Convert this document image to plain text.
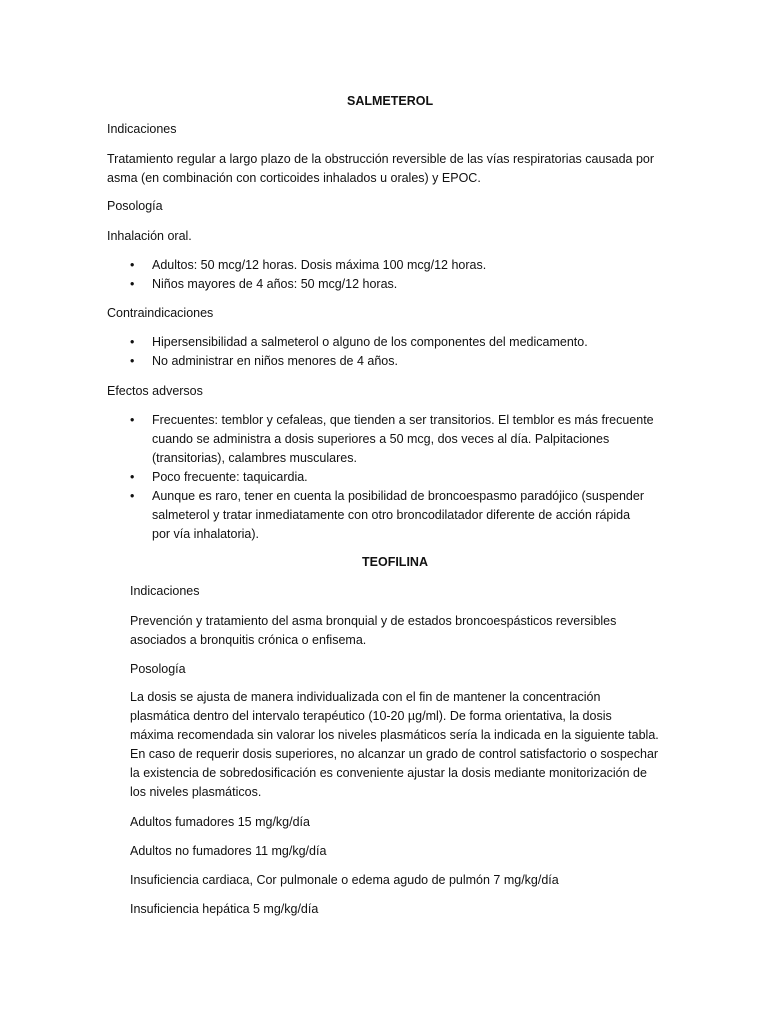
SALMETEROL
Indicaciones
Tratamiento regular a largo plazo de la obstrucción reversible de las vías respiratorias causada por
asma (en combinación con corticoides inhalados u orales) y EPOC.
Posología
Inhalación oral.
• Adultos: 50 mcg/12 horas. Dosis máxima 100 mcg/12 horas.
• Niños mayores de 4 años: 50 mcg/12 horas.
Contraindicaciones
• Hipersensibilidad a salmeterol o alguno de los componentes del medicamento.
• No administrar en niños menores de 4 años.
Efectos adversos
• Frecuentes: temblor y cefaleas, que tienden a ser transitorios. El temblor es más frecuente
cuando se administra a dosis superiores a 50 mcg, dos veces al día. Palpitaciones
(transitorias), calambres musculares.
• Poco frecuente: taquicardia.
• Aunque es raro, tener en cuenta la posibilidad de broncoespasmo paradójico (suspender
salmeterol y tratar inmediatamente con otro broncodilatador diferente de acción rápida
por vía inhalatoria).
TEOFILINA
Indicaciones
Prevención y tratamiento del asma bronquial y de estados broncoespásticos reversibles
asociados a bronquitis crónica o enfisema.
Posología
La dosis se ajusta de manera individualizada con el fin de mantener la concentración
plasmática dentro del intervalo terapéutico (10-20 µg/ml). De forma orientativa, la dosis
máxima recomendada sin valorar los niveles plasmáticos sería la indicada en la siguiente tabla.
En caso de requerir dosis superiores, no alcanzar un grado de control satisfactorio o sospechar
la existencia de sobredosificación es conveniente ajustar la dosis mediante monitorización de
los niveles plasmáticos.
Adultos fumadores 15 mg/kg/día
Adultos no fumadores 11 mg/kg/día
Insuficiencia cardiaca, Cor pulmonale o edema agudo de pulmón 7 mg/kg/día
Insuficiencia hepática 5 mg/kg/día
